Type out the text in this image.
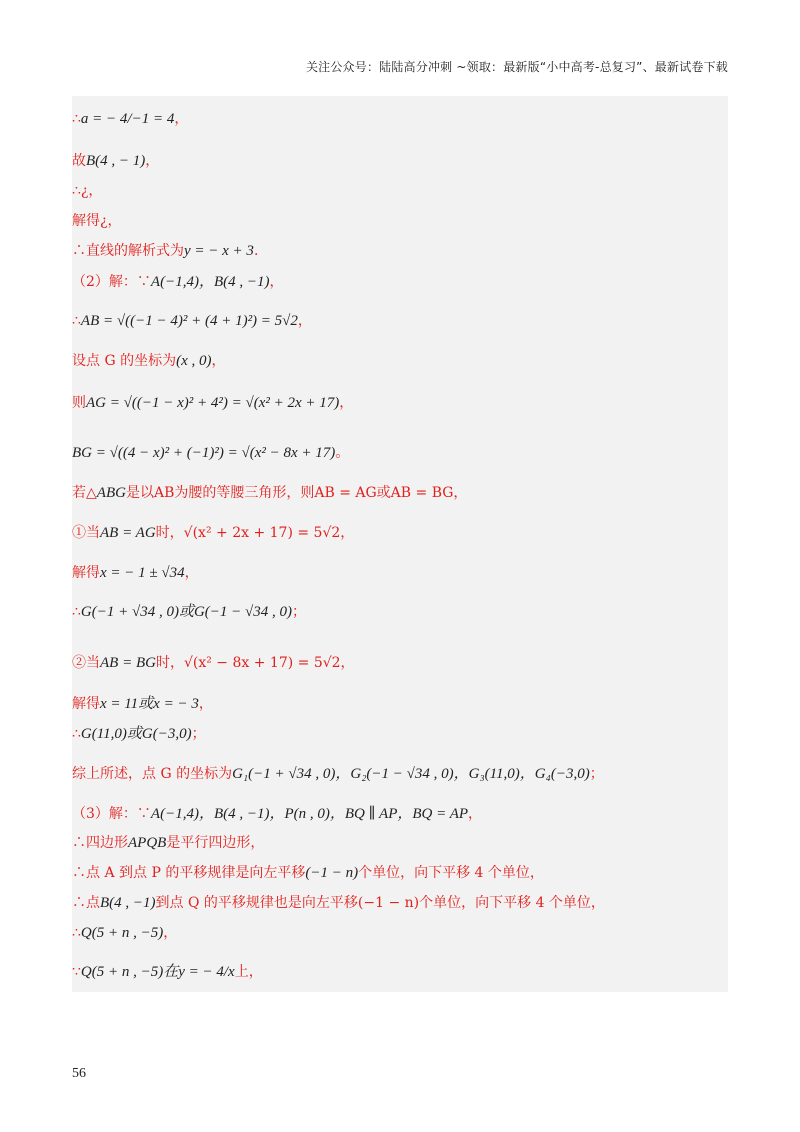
关注公众号：陆陆高分冲刺 ~领取：最新版“小中高考-总复习”、最新试卷下载
∴a = − 4/−1 = 4，
故B(4 , − 1)，
∴¿，
解得¿，
∴直线的解析式为y = − x + 3.
（2）解：∵A(−1,4)，B(4 , −1)，
∴AB = √((−1 − 4)² + (4 + 1)²) = 5√2，
设点 G 的坐标为(x , 0)，
则AG = √((−1 − x)² + 4²) = √(x² + 2x + 17)，
BG = √((4 − x)² + (−1)²) = √(x² − 8x + 17)。
若△ABG是以AB为腰的等腰三角形，则AB = AG或AB = BG，
①当AB = AG时，√(x² + 2x + 17) = 5√2，
解得x = − 1 ± √34，
∴G(−1 + √34 , 0)或G(−1 − √34 , 0)；
②当AB = BG时，√(x² − 8x + 17) = 5√2，
解得x = 11或x = − 3，
∴G(11,0)或G(−3,0)；
综上所述，点 G 的坐标为G₁(−1 + √34 , 0)，G₂(−1 − √34 , 0)，G₃(11,0)，G₄(−3,0)；
（3）解：∵A(−1,4)，B(4 , −1)，P(n , 0)，BQ ∥ AP，BQ = AP，
∴四边形APQB是平行四边形，
∴点 A 到点 P 的平移规律是向左平移(−1 − n)个单位，向下平移 4 个单位，
∴点B(4 , −1)到点 Q 的平移规律也是向左平移(−1 − n)个单位，向下平移 4 个单位，
∴Q(5 + n , −5)，
∵Q(5 + n , −5)在y = − 4/x上，
56
